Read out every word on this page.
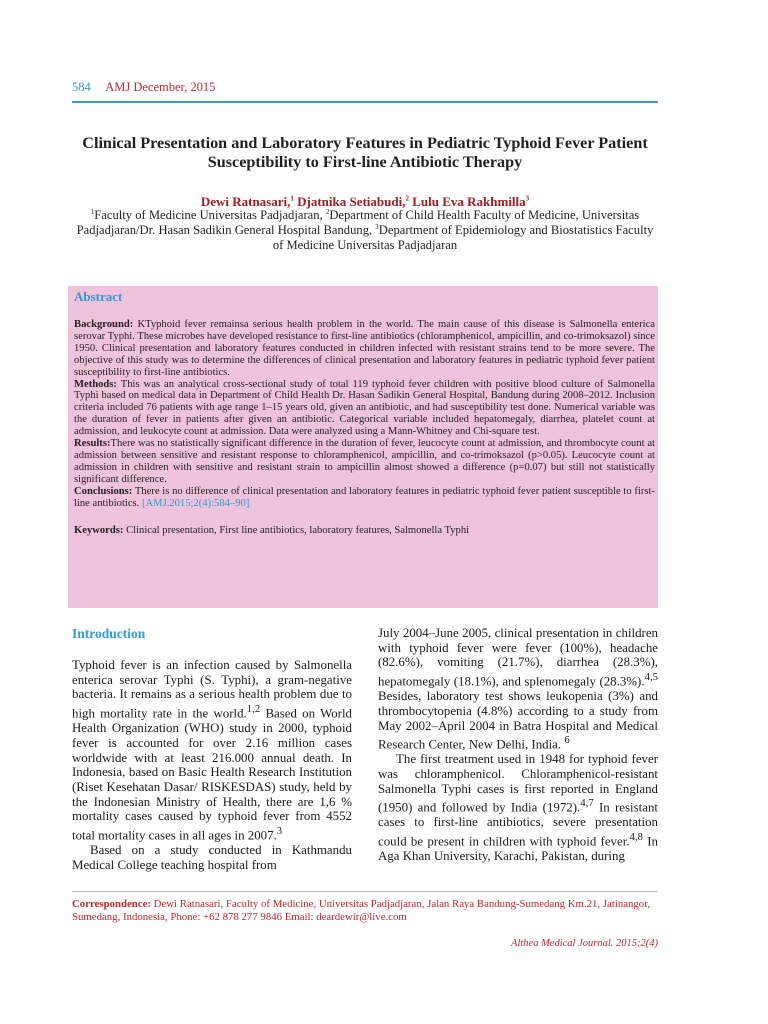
584 AMJ December, 2015
Clinical Presentation and Laboratory Features in Pediatric Typhoid Fever Patient Susceptibility to First-line Antibiotic Therapy
Dewi Ratnasari,$^1$ Djatnika Setiabudi,$^2$ Lulu Eva Rakhmilla$^3$
$^1$Faculty of Medicine Universitas Padjadjaran, $^2$Department of Child Health Faculty of Medicine, Universitas Padjadjaran/Dr. Hasan Sadikin General Hospital Bandung, $^3$Department of Epidemiology and Biostatistics Faculty of Medicine Universitas Padjadjaran
Abstract

Background: KTyphoid fever remainsa serious health problem in the world. The main cause of this disease is Salmonella enterica serovar Typhi. These microbes have developed resistance to first-line antibiotics (chloramphenicol, ampicillin, and co-trimoksazol) since 1950. Clinical presentation and laboratory features conducted in children infected with resistant strains tend to be more severe. The objective of this study was to determine the differences of clinical presentation and laboratory features in pediatric typhoid fever patient susceptibility to first-line antibiotics.

Methods: This was an analytical cross-sectional study of total 119 typhoid fever children with positive blood culture of Salmonella Typhi based on medical data in Department of Child Health Dr. Hasan Sadikin General Hospital, Bandung during 2008–2012. Inclusion criteria included 76 patients with age range 1–15 years old, given an antibiotic, and had susceptibility test done. Numerical variable was the duration of fever in patients after given an antibiotic. Categorical variable included hepatomegaly, diarrhea, platelet count at admission, and leukocyte count at admission. Data were analyzed using a Mann-Whitney and Chi-square test.

Results:There was no statistically significant difference in the duration of fever, leucocyte count at admission, and thrombocyte count at admission between sensitive and resistant response to chloramphenicol, ampicillin, and co-trimoksazol (p>0.05). Leucocyte count at admission in children with sensitive and resistant strain to ampicillin almost showed a difference (p=0.07) but still not statistically significant difference.

Conclusions: There is no difference of clinical presentation and laboratory features in pediatric typhoid fever patient susceptible to first-line antibiotics. [AMJ.2015;2(4):584–90]

Keywords: Clinical presentation, First line antibiotics, laboratory features, Salmonella Typhi

Introduction

Typhoid fever is an infection caused by Salmonella enterica serovar Typhi (S. Typhi), a gram-negative bacteria. It remains as a serious health problem due to high mortality rate in the world.$^{1,2}$ Based on World Health Organization (WHO) study in 2000, typhoid fever is accounted for over 2.16 million cases worldwide with at least 216.000 annual death. In Indonesia, based on Basic Health Research Institution (Riset Kesehatan Dasar/ RISKESDAS) study, held by the Indonesian Ministry of Health, there are 1,6 % mortality cases caused by typhoid fever from 4552 total mortality cases in all ages in 2007.$^3$

Based on a study conducted in Kathmandu Medical College teaching hospital from

July 2004–June 2005, clinical presentation in children with typhoid fever were fever (100%), headache (82.6%), vomiting (21.7%), diarrhea (28.3%), hepatomegaly (18.1%), and splenomegaly (28.3%).$^{4,5}$ Besides, laboratory test shows leukopenia (3%) and thrombocytopenia (4.8%) according to a study from May 2002–April 2004 in Batra Hospital and Medical Research Center, New Delhi, India. $^6$

The first treatment used in 1948 for typhoid fever was chloramphenicol. Chloramphenicol-resistant Salmonella Typhi cases is first reported in England (1950) and followed by India (1972).$^{4,7}$ In resistant cases to first-line antibiotics, severe presentation could be present in children with typhoid fever.$^{4,8}$ In Aga Khan University, Karachi, Pakistan, during

Correspondence: Dewi Ratnasari, Faculty of Medicine, Universitas Padjadjaran, Jalan Raya Bandung-Sumedang Km.21, Jatinangor, Sumedang, Indonesia, Phone: +62 878 277 9846 Email: deardewir@live.com
Althea Medical Journal. 2015;2(4)
